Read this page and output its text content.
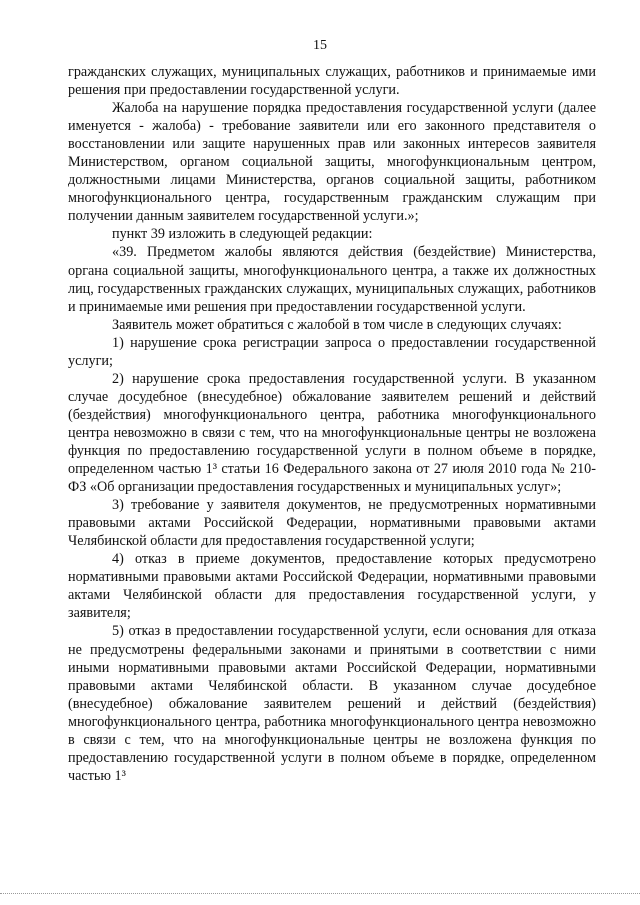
15

гражданских служащих, муниципальных служащих, работников и принимаемые ими решения при предоставлении государственной услуги.

Жалоба на нарушение порядка предоставления государственной услуги (далее именуется - жалоба) - требование заявители или его законного представителя о восстановлении или защите нарушенных прав или законных интересов заявителя Министерством, органом социальной защиты, многофункциональным центром, должностными лицами Министерства, органов социальной защиты, работником многофункционального центра, государственным гражданским служащим при получении данным заявителем государственной услуги.»;

пункт 39 изложить в следующей редакции:

«39. Предметом жалобы являются действия (бездействие) Министерства, органа социальной защиты, многофункционального центра, а также их должностных лиц, государственных гражданских служащих, муниципальных служащих, работников и принимаемые ими решения при предоставлении государственной услуги.

Заявитель может обратиться с жалобой в том числе в следующих случаях:

1) нарушение срока регистрации запроса о предоставлении государственной услуги;

2) нарушение срока предоставления государственной услуги. В указанном случае досудебное (внесудебное) обжалование заявителем решений и действий (бездействия) многофункционального центра, работника многофункционального центра невозможно в связи с тем, что на многофункциональные центры не возложена функция по предоставлению государственной услуги в полном объеме в порядке, определенном частью 1³ статьи 16 Федерального закона от 27 июля 2010 года № 210-ФЗ «Об организации предоставления государственных и муниципальных услуг»;

3) требование у заявителя документов, не предусмотренных нормативными правовыми актами Российской Федерации, нормативными правовыми актами Челябинской области для предоставления государственной услуги;

4) отказ в приеме документов, предоставление которых предусмотрено нормативными правовыми актами Российской Федерации, нормативными правовыми актами Челябинской области для предоставления государственной услуги, у заявителя;

5) отказ в предоставлении государственной услуги, если основания для отказа не предусмотрены федеральными законами и принятыми в соответствии с ними иными нормативными правовыми актами Российской Федерации, нормативными правовыми актами Челябинской области. В указанном случае досудебное (внесудебное) обжалование заявителем решений и действий (бездействия) многофункционального центра, работника многофункционального центра невозможно в связи с тем, что на многофункциональные центры не возложена функция по предоставлению государственной услуги в полном объеме в порядке, определенном частью 1³
